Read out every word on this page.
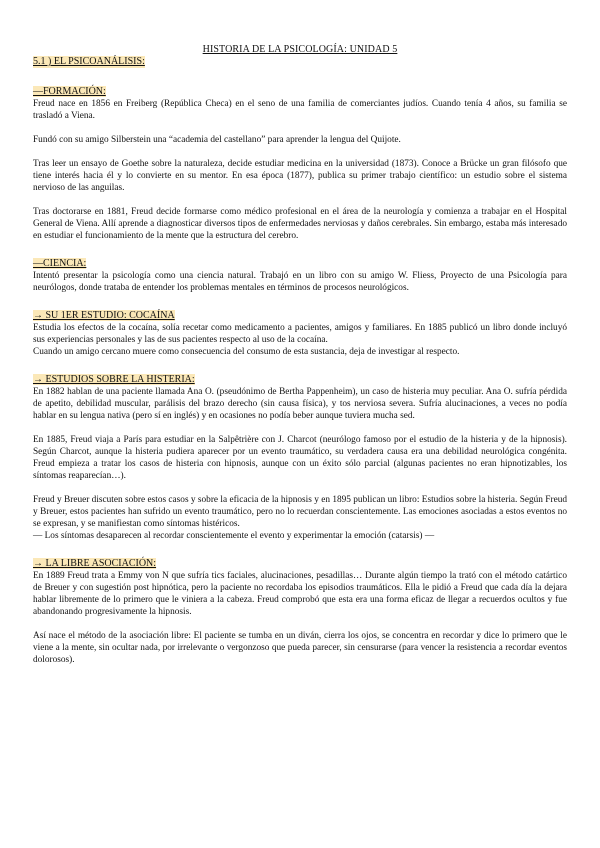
HISTORIA DE LA PSICOLOGÍA: UNIDAD 5
5.1 ) EL PSICOANÁLISIS:
—FORMACIÓN:

Freud nace en 1856 en Freiberg (República Checa) en el seno de una familia de comerciantes judíos. Cuando tenía 4 años, su familia se trasladó a Viena.

Fundó con su amigo Silberstein una “academia del castellano” para aprender la lengua del Quijote.

Tras leer un ensayo de Goethe sobre la naturaleza, decide estudiar medicina en la universidad (1873). Conoce a Brücke un gran filósofo que tiene interés hacia él y lo convierte en su mentor. En esa época (1877), publica su primer trabajo científico: un estudio sobre el sistema nervioso de las anguilas.

Tras doctorarse en 1881, Freud decide formarse como médico profesional en el área de la neurología y comienza a trabajar en el Hospital General de Viena. Allí aprende a diagnosticar diversos tipos de enfermedades nerviosas y daños cerebrales. Sin embargo, estaba más interesado en estudiar el funcionamiento de la mente que la estructura del cerebro.

—CIENCIA:

Intentó presentar la psicología como una ciencia natural. Trabajó en un libro con su amigo W. Fliess, Proyecto de una Psicología para neurólogos, donde trataba de entender los problemas mentales en términos de procesos neurológicos.

→ SU 1ER ESTUDIO: COCAÍNA

Estudia los efectos de la cocaína, solía recetar como medicamento a pacientes, amigos y familiares. En 1885 publicó un libro donde incluyó sus experiencias personales y las de sus pacientes respecto al uso de la cocaína.

Cuando un amigo cercano muere como consecuencia del consumo de esta sustancia, deja de investigar al respecto.

→ ESTUDIOS SOBRE LA HISTERIA:

En 1882 hablan de una paciente llamada Ana O. (pseudónimo de Bertha Pappenheim), un caso de histeria muy peculiar. Ana O. sufría pérdida de apetito, debilidad muscular, parálisis del brazo derecho (sin causa física), y tos nerviosa severa. Sufría alucinaciones, a veces no podía hablar en su lengua nativa (pero sí en inglés) y en ocasiones no podía beber aunque tuviera mucha sed.

En 1885, Freud viaja a París para estudiar en la Salpêtrière con J. Charcot (neurólogo famoso por el estudio de la histeria y de la hipnosis). Según Charcot, aunque la histeria pudiera aparecer por un evento traumático, su verdadera causa era una debilidad neurológica congénita. Freud empieza a tratar los casos de histeria con hipnosis, aunque con un éxito sólo parcial (algunas pacientes no eran hipnotizables, los síntomas reaparecían…).

Freud y Breuer discuten sobre estos casos y sobre la eficacia de la hipnosis y en 1895 publican un libro: Estudios sobre la histeria. Según Freud y Breuer, estos pacientes han sufrido un evento traumático, pero no lo recuerdan conscientemente. Las emociones asociadas a estos eventos no se expresan, y se manifiestan como síntomas histéricos.

— Los síntomas desaparecen al recordar conscientemente el evento y experimentar la emoción (catarsis) —

→ LA LIBRE ASOCIACIÓN:

En 1889 Freud trata a Emmy von N que sufría tics faciales, alucinaciones, pesadillas… Durante algún tiempo la trató con el método catártico de Breuer y con sugestión post hipnótica, pero la paciente no recordaba los episodios traumáticos. Ella le pidió a Freud que cada día la dejara hablar libremente de lo primero que le viniera a la cabeza. Freud comprobó que esta era una forma eficaz de llegar a recuerdos ocultos y fue abandonando progresivamente la hipnosis.

Así nace el método de la asociación libre: El paciente se tumba en un diván, cierra los ojos, se concentra en recordar y dice lo primero que le viene a la mente, sin ocultar nada, por irrelevante o vergonzoso que pueda parecer, sin censurarse (para vencer la resistencia a recordar eventos dolorosos).
